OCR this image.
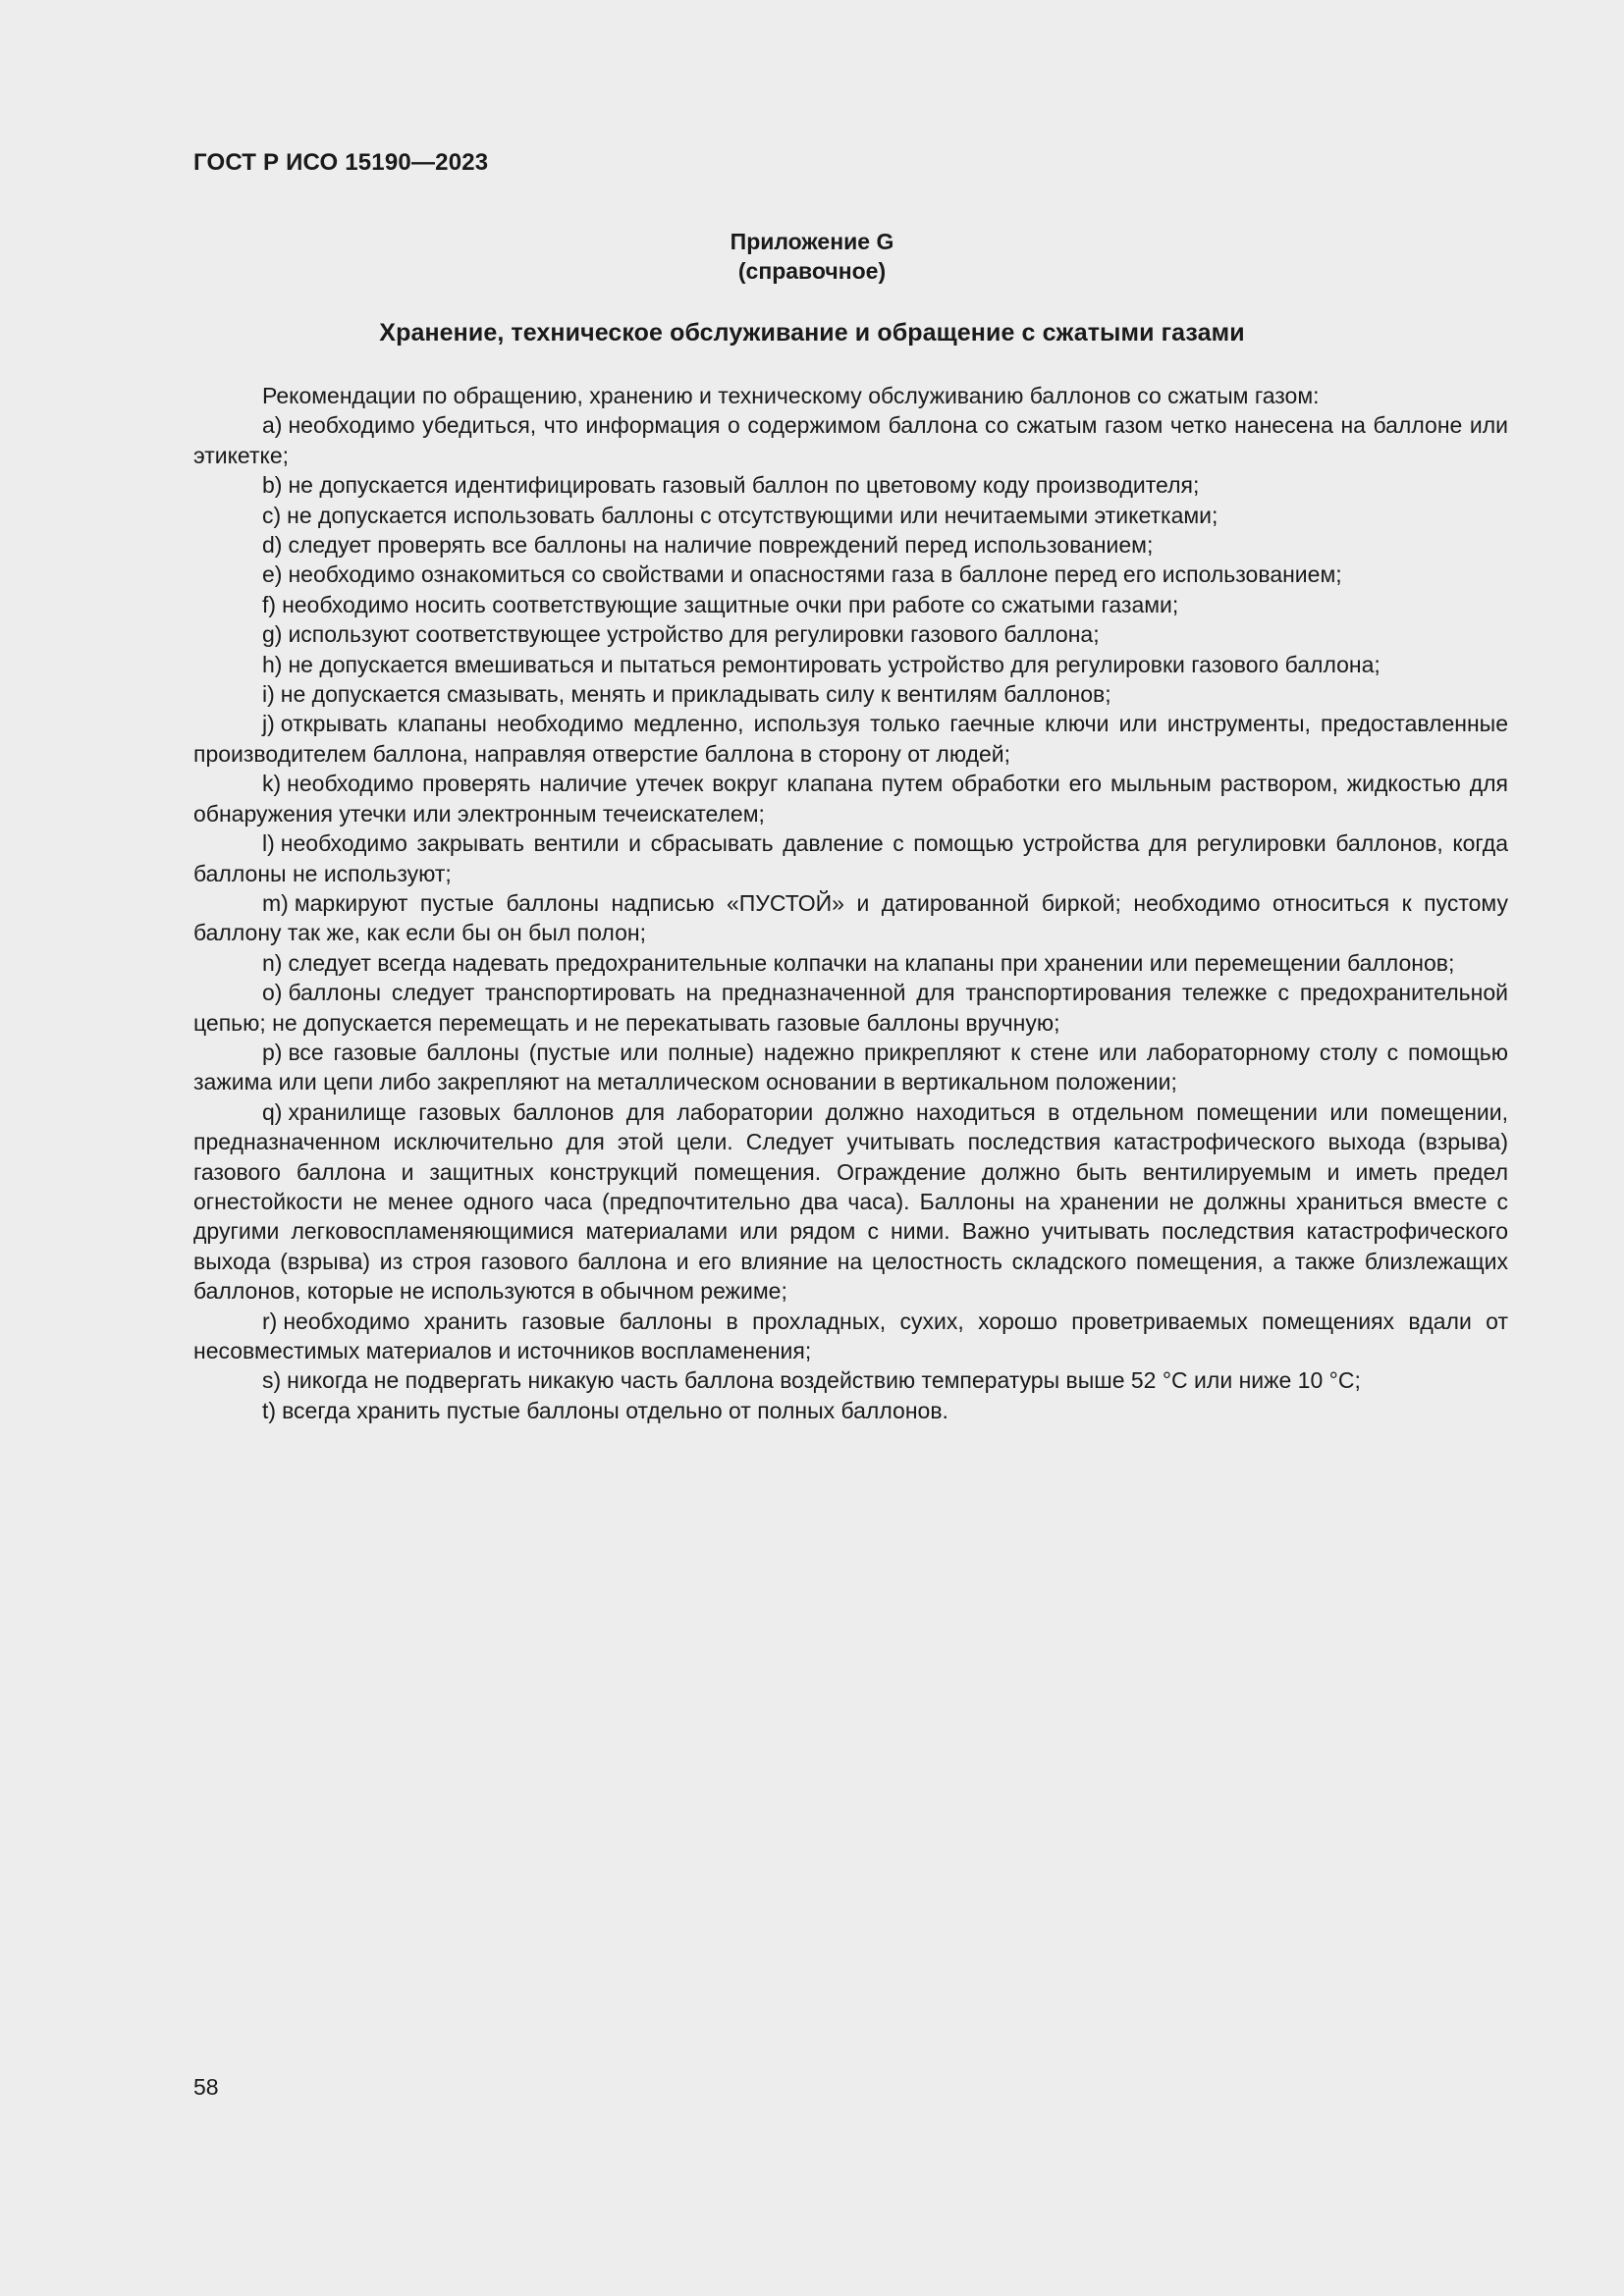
ГОСТ Р ИСО 15190—2023
Приложение G
(справочное)
Хранение, техническое обслуживание и обращение с сжатыми газами

Рекомендации по обращению, хранению и техническому обслуживанию баллонов со сжатым газом:

a) необходимо убедиться, что информация о содержимом баллона со сжатым газом четко нанесена на баллоне или этикетке;

b) не допускается идентифицировать газовый баллон по цветовому коду производителя;

c) не допускается использовать баллоны с отсутствующими или нечитаемыми этикетками;

d) следует проверять все баллоны на наличие повреждений перед использованием;

e) необходимо ознакомиться со свойствами и опасностями газа в баллоне перед его использованием;

f) необходимо носить соответствующие защитные очки при работе со сжатыми газами;

g) используют соответствующее устройство для регулировки газового баллона;

h) не допускается вмешиваться и пытаться ремонтировать устройство для регулировки газового баллона;

i) не допускается смазывать, менять и прикладывать силу к вентилям баллонов;

j) открывать клапаны необходимо медленно, используя только гаечные ключи или инструменты, предоставленные производителем баллона, направляя отверстие баллона в сторону от людей;

k) необходимо проверять наличие утечек вокруг клапана путем обработки его мыльным раствором, жидкостью для обнаружения утечки или электронным течеискателем;

l) необходимо закрывать вентили и сбрасывать давление с помощью устройства для регулировки баллонов, когда баллоны не используют;

m) маркируют пустые баллоны надписью «ПУСТОЙ» и датированной биркой; необходимо относиться к пустому баллону так же, как если бы он был полон;

n) следует всегда надевать предохранительные колпачки на клапаны при хранении или перемещении баллонов;

o) баллоны следует транспортировать на предназначенной для транспортирования тележке с предохранительной цепью; не допускается перемещать и не перекатывать газовые баллоны вручную;

p) все газовые баллоны (пустые или полные) надежно прикрепляют к стене или лабораторному столу с помощью зажима или цепи либо закрепляют на металлическом основании в вертикальном положении;

q) хранилище газовых баллонов для лаборатории должно находиться в отдельном помещении или помещении, предназначенном исключительно для этой цели. Следует учитывать последствия катастрофического выхода (взрыва) газового баллона и защитных конструкций помещения. Ограждение должно быть вентилируемым и иметь предел огнестойкости не менее одного часа (предпочтительно два часа). Баллоны на хранении не должны храниться вместе с другими легковоспламеняющимися материалами или рядом с ними. Важно учитывать последствия катастрофического выхода (взрыва) из строя газового баллона и его влияние на целостность складского помещения, а также близлежащих баллонов, которые не используются в обычном режиме;

r) необходимо хранить газовые баллоны в прохладных, сухих, хорошо проветриваемых помещениях вдали от несовместимых материалов и источников воспламенения;

s) никогда не подвергать никакую часть баллона воздействию температуры выше 52 °C или ниже 10 °C;

t) всегда хранить пустые баллоны отдельно от полных баллонов.

58
